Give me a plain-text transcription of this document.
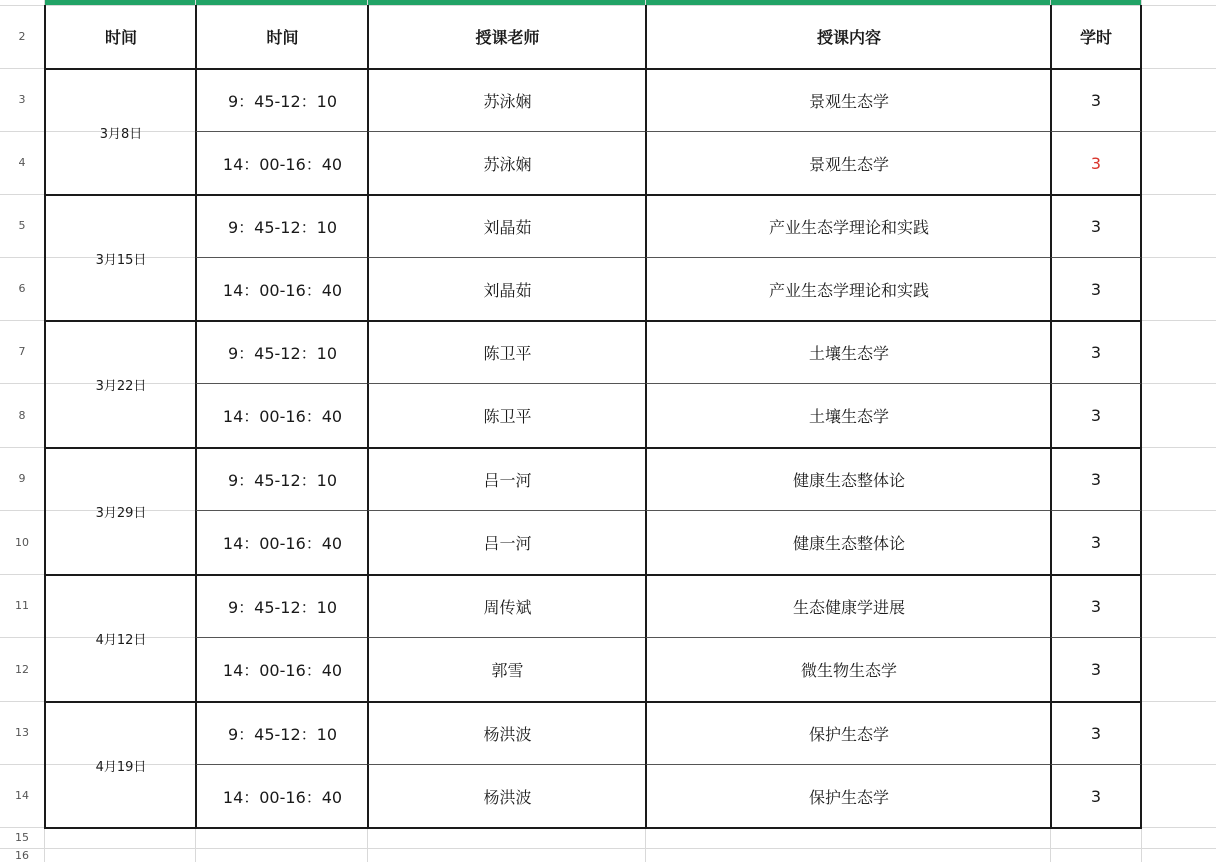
2
3
4
5
6
7
8
9
10
11
12
13
14
15
16
时间	时间	授课老师	授课内容	学时
3月8日
9：45-12：10	苏泳娴	景观生态学	3
14：00-16：40	苏泳娴	景观生态学	3
3月15日
9：45-12：10	刘晶茹	产业生态学理论和实践	3
14：00-16：40	刘晶茹	产业生态学理论和实践	3
3月22日
9：45-12：10	陈卫平	土壤生态学	3
14：00-16：40	陈卫平	土壤生态学	3
3月29日
9：45-12：10	吕一河	健康生态整体论	3
14：00-16：40	吕一河	健康生态整体论	3
4月12日
9：45-12：10	周传斌	生态健康学进展	3
14：00-16：40	郭雪	微生物生态学	3
4月19日
9：45-12：10	杨洪波	保护生态学	3
14：00-16：40	杨洪波	保护生态学	3
